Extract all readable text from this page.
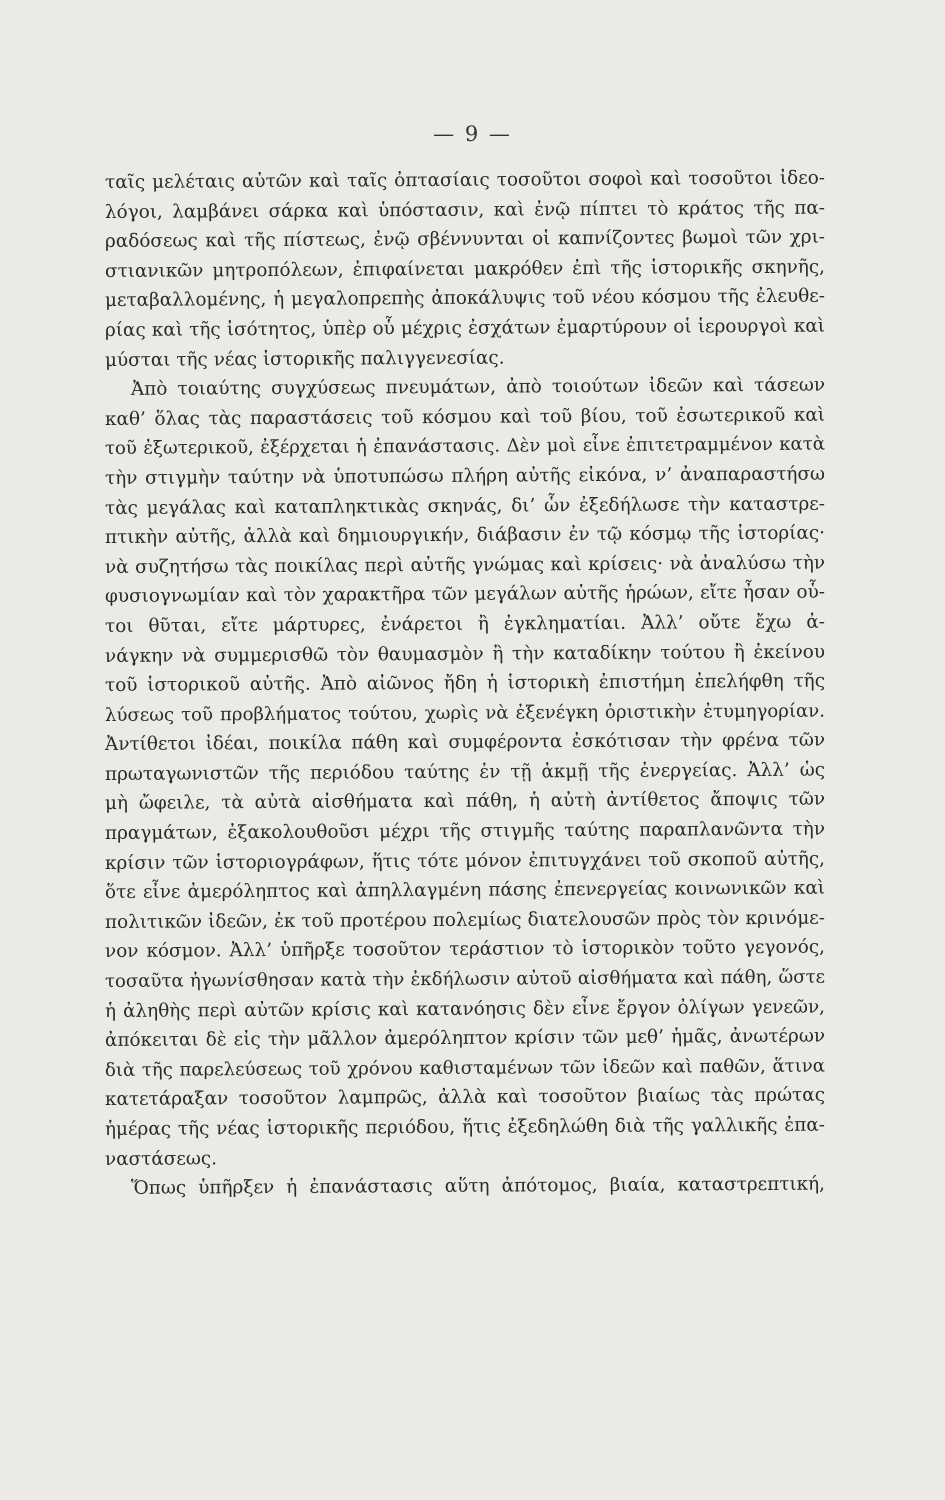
— 9 —
ταῖς μελέταις αὐτῶν καὶ ταῖς ὀπτασίαις τοσοῦτοι σοφοὶ καὶ τοσοῦτοι ἰδεο-
λόγοι, λαμβάνει σάρκα καὶ ὑπόστασιν, καὶ ἐνῷ πίπτει τὸ κράτος τῆς πα-
ραδόσεως καὶ τῆς πίστεως, ἐνῷ σβέννυνται οἱ καπνίζοντες βωμοὶ τῶν χρι-
στιανικῶν μητροπόλεων, ἐπιφαίνεται μακρόθεν ἐπὶ τῆς ἱστορικῆς σκηνῆς,
μεταβαλλομένης, ἡ μεγαλοπρεπὴς ἀποκάλυψις τοῦ νέου κόσμου τῆς ἐλευθε-
ρίας καὶ τῆς ἰσότητος, ὑπὲρ οὗ μέχρις ἐσχάτων ἐμαρτύρουν οἱ ἱερουργοὶ καὶ
μύσται τῆς νέας ἱστορικῆς παλιγγενεσίας.
Ἀπὸ τοιαύτης συγχύσεως πνευμάτων, ἀπὸ τοιούτων ἰδεῶν καὶ τάσεων
καθ’ ὅλας τὰς παραστάσεις τοῦ κόσμου καὶ τοῦ βίου, τοῦ ἐσωτερικοῦ καὶ
τοῦ ἐξωτερικοῦ, ἐξέρχεται ἡ ἐπανάστασις. Δὲν μοὶ εἶνε ἐπιτετραμμένον κατὰ
τὴν στιγμὴν ταύτην νὰ ὑποτυπώσω πλήρη αὐτῆς εἰκόνα, ν’ ἀναπαραστήσω
τὰς μεγάλας καὶ καταπληκτικὰς σκηνάς, δι’ ὧν ἐξεδήλωσε τὴν καταστρε-
πτικὴν αὐτῆς, ἀλλὰ καὶ δημιουργικήν, διάβασιν ἐν τῷ κόσμῳ τῆς ἱστορίας·
νὰ συζητήσω τὰς ποικίλας περὶ αὐτῆς γνώμας καὶ κρίσεις· νὰ ἀναλύσω τὴν
φυσιογνωμίαν καὶ τὸν χαρακτῆρα τῶν μεγάλων αὐτῆς ἡρώων, εἴτε ἦσαν οὗ-
τοι θῦται, εἴτε μάρτυρες, ἐνάρετοι ἢ ἐγκληματίαι. Ἀλλ’ οὔτε ἔχω ἀ-
νάγκην νὰ συμμερισθῶ τὸν θαυμασμὸν ἢ τὴν καταδίκην τούτου ἢ ἐκείνου
τοῦ ἱστορικοῦ αὐτῆς. Ἀπὸ αἰῶνος ἤδη ἡ ἱστορικὴ ἐπιστήμη ἐπελήφθη τῆς
λύσεως τοῦ προβλήματος τούτου, χωρὶς νὰ ἐξενέγκη ὁριστικὴν ἐτυμηγορίαν.
Ἀντίθετοι ἰδέαι, ποικίλα πάθη καὶ συμφέροντα ἐσκότισαν τὴν φρένα τῶν
πρωταγωνιστῶν τῆς περιόδου ταύτης ἐν τῇ ἀκμῇ τῆς ἐνεργείας. Ἀλλ’ ὡς
μὴ ὤφειλε, τὰ αὐτὰ αἰσθήματα καὶ πάθη, ἡ αὐτὴ ἀντίθετος ἄποψις τῶν
πραγμάτων, ἐξακολουθοῦσι μέχρι τῆς στιγμῆς ταύτης παραπλανῶντα τὴν
κρίσιν τῶν ἱστοριογράφων, ἥτις τότε μόνον ἐπιτυγχάνει τοῦ σκοποῦ αὐτῆς,
ὅτε εἶνε ἀμερόληπτος καὶ ἀπηλλαγμένη πάσης ἐπενεργείας κοινωνικῶν καὶ
πολιτικῶν ἰδεῶν, ἐκ τοῦ προτέρου πολεμίως διατελουσῶν πρὸς τὸν κρινόμε-
νον κόσμον. Ἀλλ’ ὑπῆρξε τοσοῦτον τεράστιον τὸ ἱστορικὸν τοῦτο γεγονός,
τοσαῦτα ἠγωνίσθησαν κατὰ τὴν ἐκδήλωσιν αὐτοῦ αἰσθήματα καὶ πάθη, ὥστε
ἡ ἀληθὴς περὶ αὐτῶν κρίσις καὶ κατανόησις δὲν εἶνε ἔργον ὀλίγων γενεῶν,
ἀπόκειται δὲ εἰς τὴν μᾶλλον ἀμερόληπτον κρίσιν τῶν μεθ’ ἡμᾶς, ἀνωτέρων
διὰ τῆς παρελεύσεως τοῦ χρόνου καθισταμένων τῶν ἰδεῶν καὶ παθῶν, ἅτινα
κατετάραξαν τοσοῦτον λαμπρῶς, ἀλλὰ καὶ τοσοῦτον βιαίως τὰς πρώτας
ἡμέρας τῆς νέας ἱστορικῆς περιόδου, ἥτις ἐξεδηλώθη διὰ τῆς γαλλικῆς ἐπα-
ναστάσεως.
Ὅπως ὑπῆρξεν ἡ ἐπανάστασις αὕτη ἀπότομος, βιαία, καταστρεπτική,
